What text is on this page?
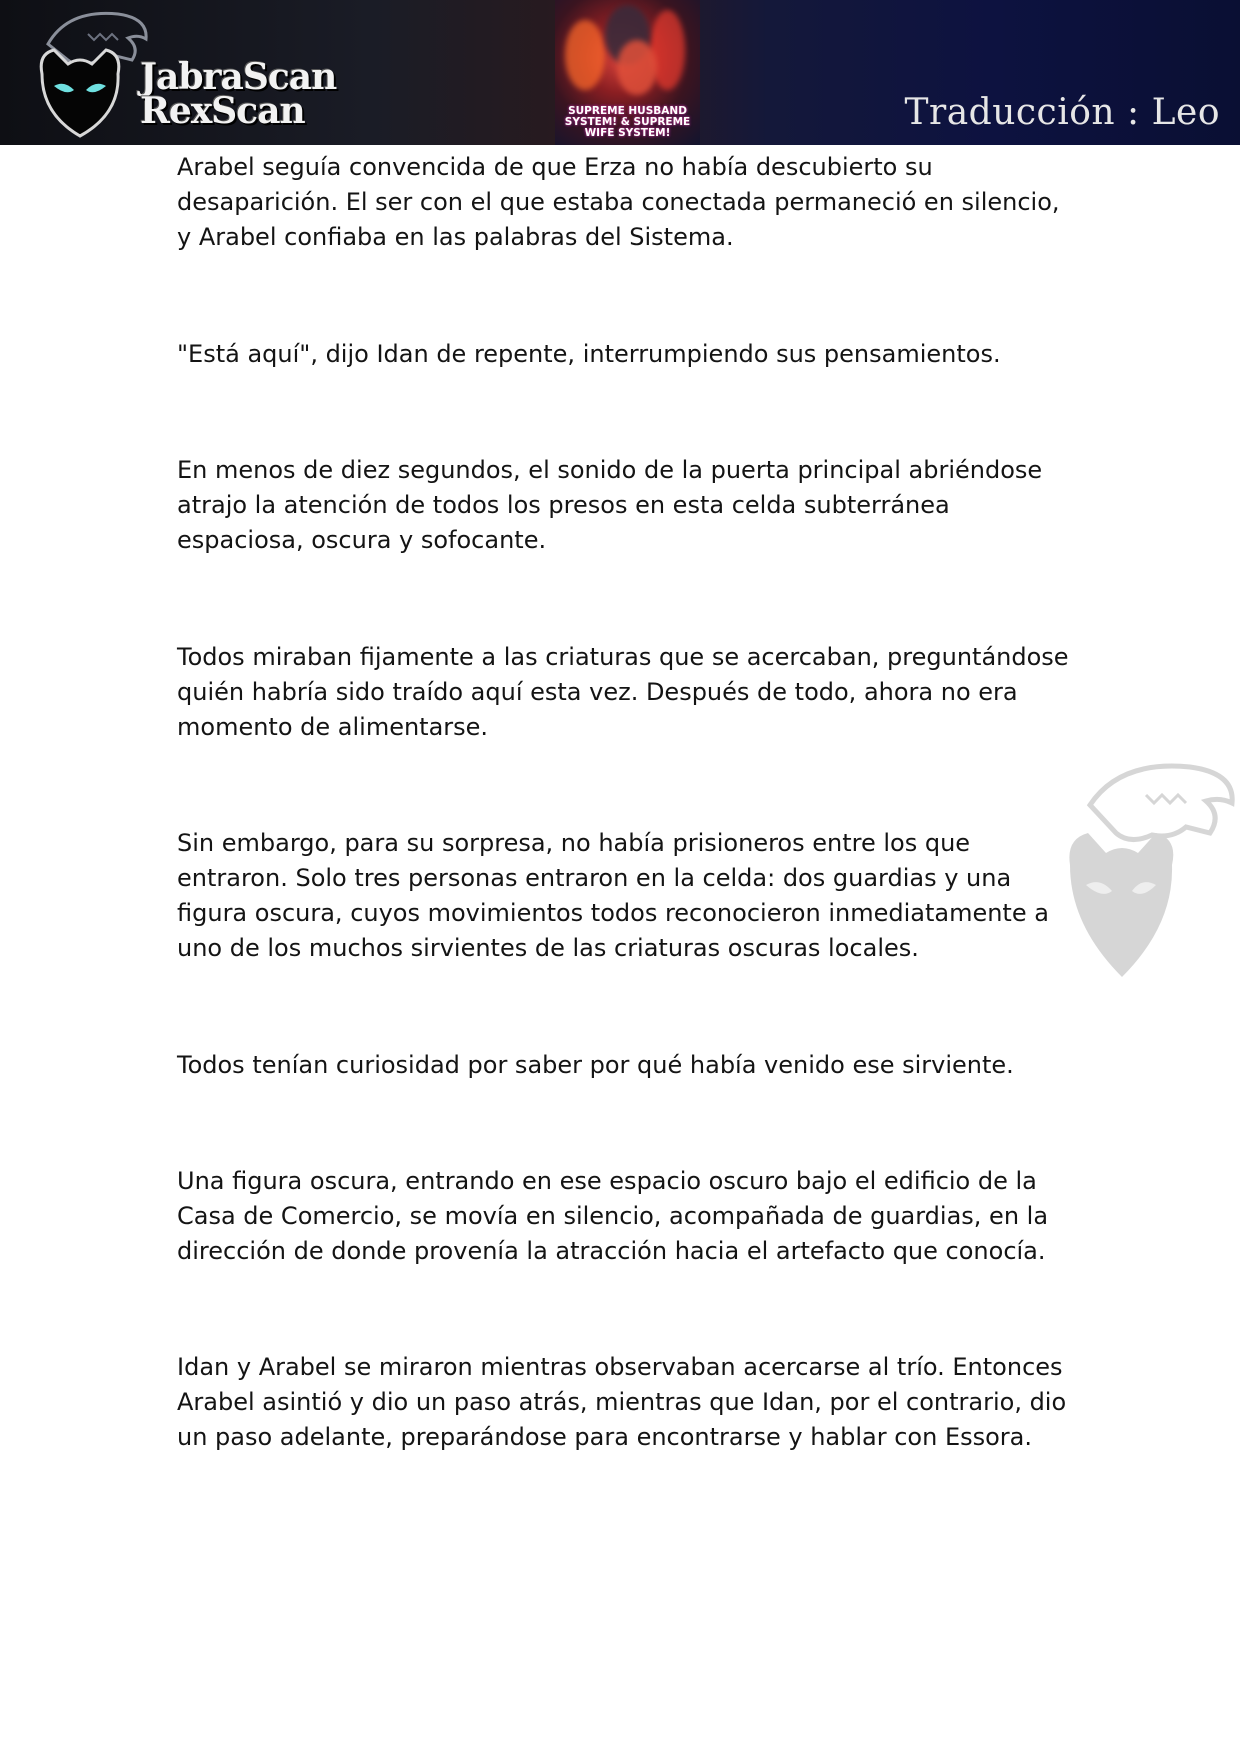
JabraScan
RexScan	SUPREME HUSBAND
SYSTEM! & SUPREME
WIFE SYSTEM!	Traducción : Leo

Arabel seguía convencida de que Erza no había descubierto su desaparición. El ser con el que estaba conectada permaneció en silencio, y Arabel confiaba en las palabras del Sistema.

"Está aquí", dijo Idan de repente, interrumpiendo sus pensamientos.

En menos de diez segundos, el sonido de la puerta principal abriéndose atrajo la atención de todos los presos en esta celda subterránea espaciosa, oscura y sofocante.

Todos miraban fijamente a las criaturas que se acercaban, preguntándose quién habría sido traído aquí esta vez. Después de todo, ahora no era momento de alimentarse.

Sin embargo, para su sorpresa, no había prisioneros entre los que entraron. Solo tres personas entraron en la celda: dos guardias y una figura oscura, cuyos movimientos todos reconocieron inmediatamente a uno de los muchos sirvientes de las criaturas oscuras locales.

Todos tenían curiosidad por saber por qué había venido ese sirviente.

Una figura oscura, entrando en ese espacio oscuro bajo el edificio de la Casa de Comercio, se movía en silencio, acompañada de guardias, en la dirección de donde provenía la atracción hacia el artefacto que conocía.

Idan y Arabel se miraron mientras observaban acercarse al trío. Entonces Arabel asintió y dio un paso atrás, mientras que Idan, por el contrario, dio un paso adelante, preparándose para encontrarse y hablar con Essora.
